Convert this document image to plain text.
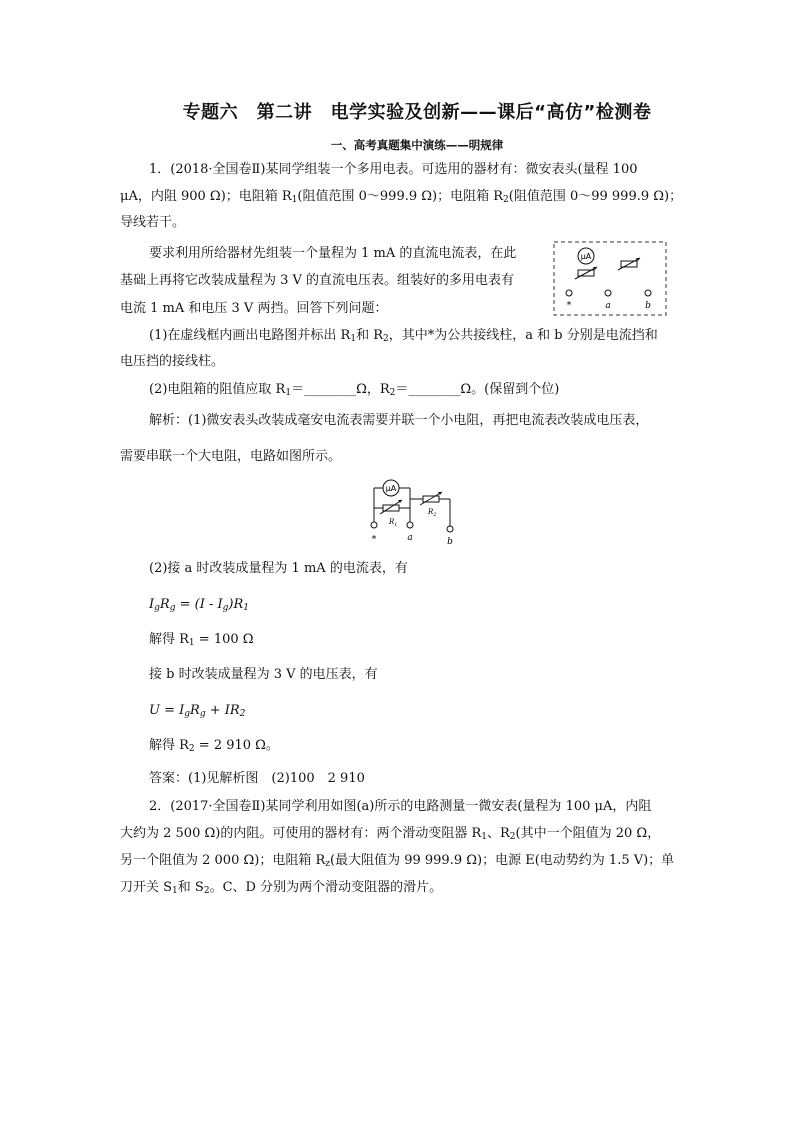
专题六　第二讲　电学实验及创新——课后“高仿”检测卷
一、高考真题集中演练——明规律
1．(2018·全国卷Ⅱ)某同学组装一个多用电表。可选用的器材有：微安表头(量程 100
μA，内阻 900 Ω)；电阻箱 $R_1$(阻值范围 0～999.9 Ω)；电阻箱 $R_2$(阻值范围 0～99 999.9 Ω)；
导线若干。
要求利用所给器材先组装一个量程为 1 mA 的直流电流表，在此
基础上再将它改装成量程为 3 V 的直流电压表。组装好的多用电表有
电流 1 mA 和电压 3 V 两挡。回答下列问题：
(1)在虚线框内画出电路图并标出 $R_1$和 $R_2$，其中*为公共接线柱，a 和 b 分别是电流挡和
电压挡的接线柱。
(2)电阻箱的阻值应取 $R_1=\_\_\_\_\_\_\_\_\Omega$，$R_2=\_\_\_\_\_\_\_\_\Omega$。(保留到个位)
μA
*	a	b
解析：(1)微安表头改装成毫安电流表需要并联一个小电阻，再把电流表改装成电压表，
需要串联一个大电阻，电路如图所示。
μA
$R_1$
$R_2$
*	a	b
(2)接 a 时改装成量程为 1 mA 的电流表，有
$I_gR_g = (I - I_g)R_1$
解得 $R_1 = 100$ Ω
接 b 时改装成量程为 3 V 的电压表，有
$U = I_gR_g + IR_2$
解得 $R_2 = 2$ 910 Ω。
答案：(1)见解析图　(2)100　2 910
2．(2017·全国卷Ⅱ)某同学利用如图(a)所示的电路测量一微安表(量程为 100 μA，内阻
大约为 2 500 Ω)的内阻。可使用的器材有：两个滑动变阻器 $R_1$、$R_2$(其中一个阻值为 20 Ω，
另一个阻值为 2 000 Ω)；电阻箱 $R_z$(最大阻值为 99 999.9 Ω)；电源 E(电动势约为 1.5 V)；单
刀开关 $S_1$和 $S_2$。C、D 分别为两个滑动变阻器的滑片。
